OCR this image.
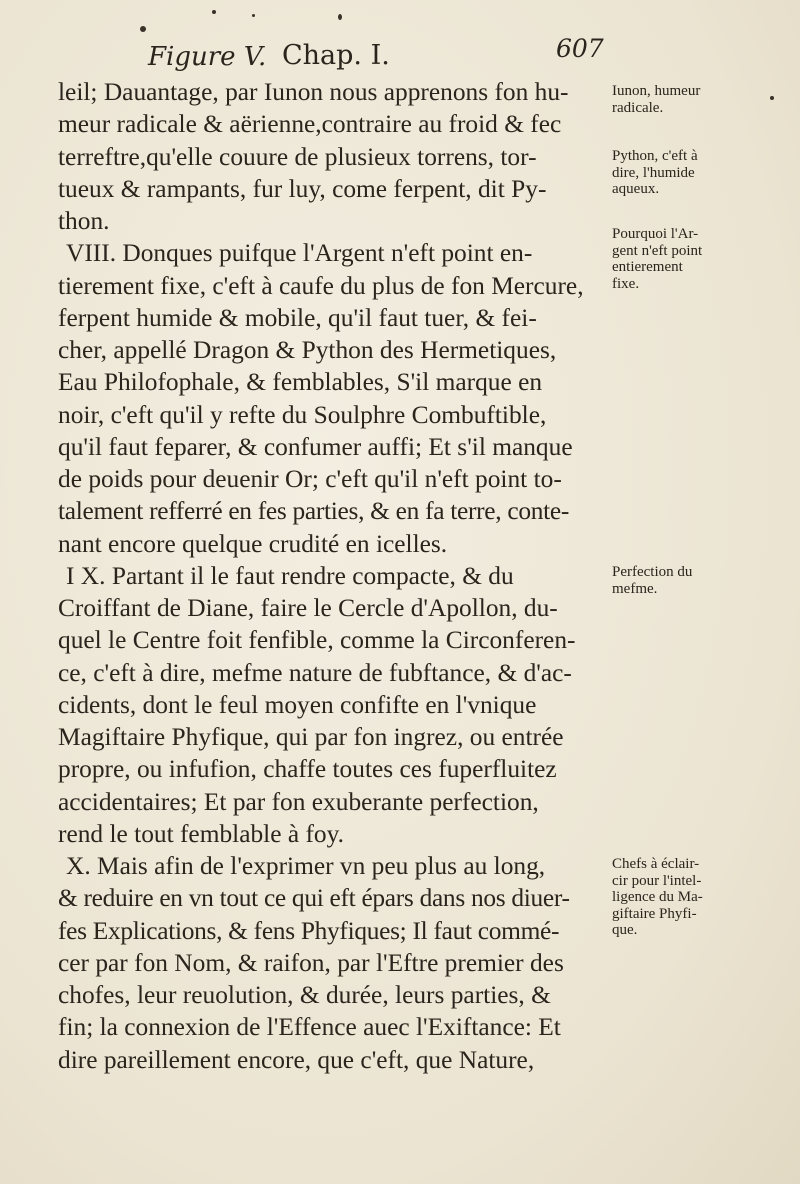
Figure V. Chap. I.	607
leil; Dauantage, par Iunon nous apprenons fon hu-
meur radicale & aërienne,contraire au froid & fec
terreftre,qu'elle couure de plusieux torrens, tor-
tueux & rampants, fur luy, come ferpent, dit Py-
thon.
VIII. Donques puifque l'Argent n'eft point en-
tierement fixe, c'eft à caufe du plus de fon Mercure,
ferpent humide & mobile, qu'il faut tuer, & fei-
cher, appellé Dragon & Python des Hermetiques,
Eau Philofophale, & femblables, S'il marque en
noir, c'eft qu'il y refte du Soulphre Combuftible,
qu'il faut feparer, & confumer auffi; Et s'il manque
de poids pour deuenir Or; c'eft qu'il n'eft point to-
talement refferré en fes parties, & en fa terre, conte-
nant encore quelque crudité en icelles.
I X. Partant il le faut rendre compacte, & du
Croiffant de Diane, faire le Cercle d'Apollon, du-
quel le Centre foit fenfible, comme la Circonferen-
ce, c'eft à dire, mefme nature de fubftance, & d'ac-
cidents, dont le feul moyen confifte en l'vnique
Magiftaire Phyfique, qui par fon ingrez, ou entrée
propre, ou infufion, chaffe toutes ces fuperfluitez
accidentaires; Et par fon exuberante perfection,
rend le tout femblable à foy.
X. Mais afin de l'exprimer vn peu plus au long,
& reduire en vn tout ce qui eft épars dans nos diuer-
fes Explications, & fens Phyfiques; Il faut commé-
cer par fon Nom, & raifon, par l'Eftre premier des
chofes, leur reuolution, & durée, leurs parties, &
fin; la connexion de l'Effence auec l'Exiftance: Et
dire pareillement encore, que c'eft, que Nature,
Iunon, humeur
radicale.
Python, c'eft à
dire, l'humide
aqueux.
Pourquoi l'Ar-
gent n'eft point
entierement
fixe.
Perfection du
mefme.
Chefs à éclair-
cir pour l'intel-
ligence du Ma-
giftaire Phyfi-
que.
